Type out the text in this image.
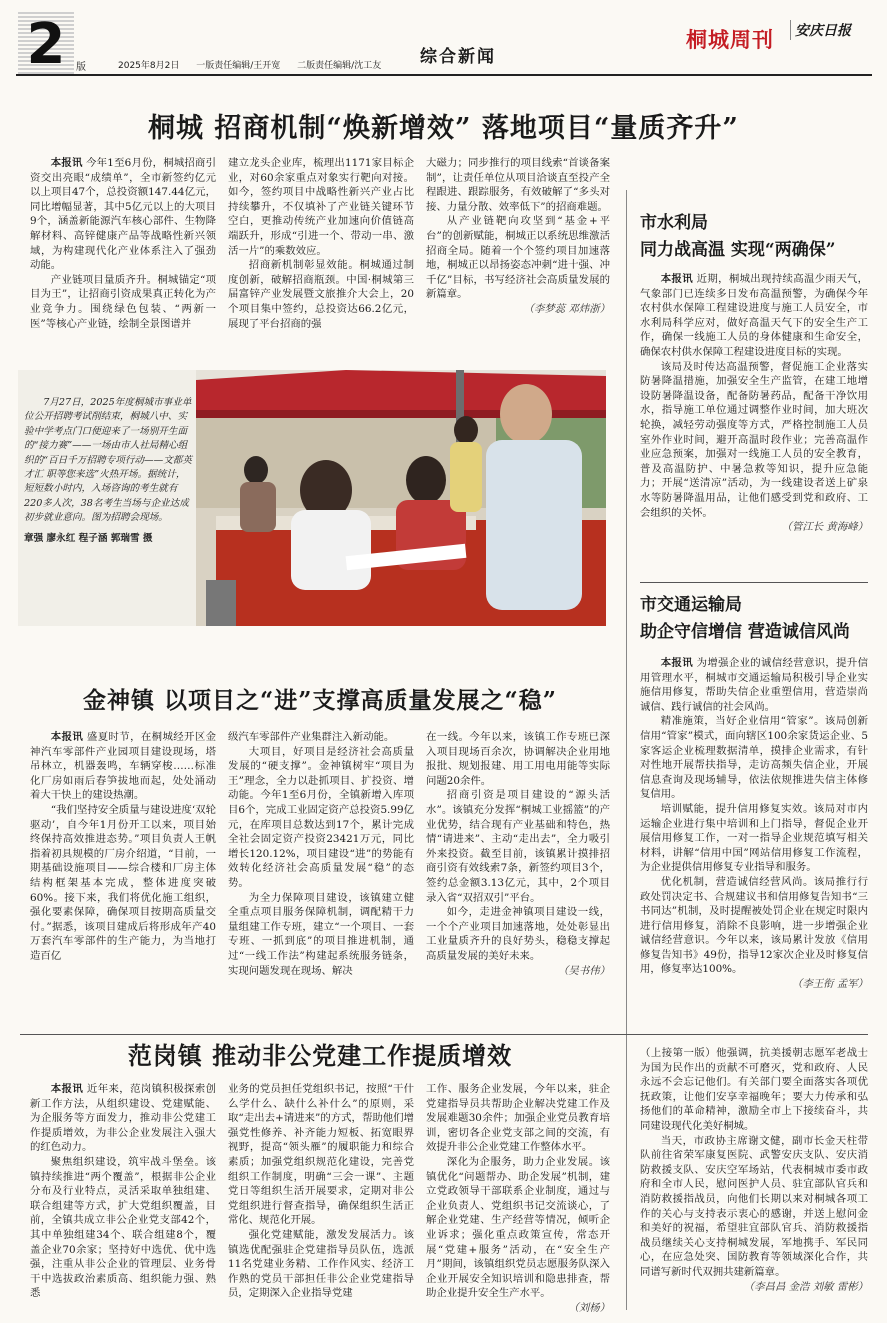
2	版	2025年8月2日 一版责任编辑/王开宽 二版责任编辑/沈工友	综合新闻
桐城周刊	安庆日报
桐城 招商机制“焕新增效” 落地项目“量质齐升”

本报讯 今年1至6月份，桐城招商引资交出亮眼“成绩单”，全市新签约亿元以上项目47个，总投资额147.44亿元，同比增幅显著，其中5亿元以上的大项目9个，涵盖新能源汽车核心部件、生物降解材料、高锌健康产品等战略性新兴领域，为构建现代化产业体系注入了强劲动能。

产业链项目量质齐升。桐城锚定“项目为王”，让招商引资成果真正转化为产业竞争力。围绕绿色包装、“两新一医”等核心产业链，绘制全景图谱并

建立龙头企业库，梳理出1171家目标企业，对60余家重点对象实行靶向对接。如今，签约项目中战略性新兴产业占比持续攀升，不仅填补了产业链关键环节空白，更推动传统产业加速向价值链高端跃升，形成“引进一个、带动一串、激活一片”的乘数效应。

招商新机制彰显效能。桐城通过制度创新，破解招商瓶颈。中国·桐城第三届富锌产业发展暨文旅推介大会上，20个项目集中签约，总投资达66.2亿元，展现了平台招商的强

大磁力；同步推行的项目线索“首谈备案制”，让责任单位从项目洽谈直至投产全程跟进、跟踪服务，有效破解了“多头对接、力量分散、效率低下”的招商难题。

从产业链靶向攻坚到“基金+平台”的创新赋能，桐城正以系统思维激活招商全局。随着一个个签约项目加速落地，桐城正以昂扬姿态冲刺“进十强、冲千亿”目标，书写经济社会高质量发展的新篇章。

（李梦蕊 邓炜浙）

7月27日，2025年度桐城市事业单位公开招聘考试削结束，桐城八中、实验中学考点门口便迎来了一场别开生面的“接力赛”——一场由市人社局精心组织的“百日千万招聘专项行动——文都英才汇 职等您来选”火热开场。据统计，短短数小时内，入场咨询的考生就有220多人次，38名考生当场与企业达成初步就业意向。图为招聘会现场。

章强 廖永红 程子涵 郭瑞雪 摄

市水利局
同力战高温 实现“两确保”

本报讯 近期，桐城出现持续高温少雨天气，气象部门已连续多日发布高温预警，为确保今年农村供水保障工程建设进度与施工人员安全，市水利局科学应对，做好高温天气下的安全生产工作，确保一线施工人员的身体健康和生命安全，确保农村供水保障工程建设进度目标的实现。

该局及时传达高温预警，督促施工企业落实防暑降温措施，加强安全生产监管，在建工地增设防暑降温设备，配备防暑药品，配备干净饮用水，指导施工单位通过调整作业时间，加大班次轮换，减轻劳动强度等方式，严格控制施工人员室外作业时间，避开高温时段作业；完善高温作业应急预案，加强对一线施工人员的安全教育，普及高温防护、中暑急救等知识，提升应急能力；开展“送清凉”活动，为一线建设者送上矿泉水等防暑降温用品，让他们感受到党和政府、工会组织的关怀。

（管江长 黄海峰）

市交通运输局
助企守信增信 营造诚信风尚

本报讯 为增强企业的诚信经营意识，提升信用管理水平，桐城市交通运输局积极引导企业实施信用修复，帮助失信企业重塑信用，营造崇尚诚信、践行诚信的社会风尚。

精准施策，当好企业信用“管家”。该局创新信用“管家”模式，面向辖区100余家货运企业、5家客运企业梳理数据清单，摸排企业需求，有针对性地开展帮扶指导，走访高频失信企业，开展信息查询及现场辅导，依法依规推进失信主体修复信用。

培训赋能，提升信用修复实效。该局对市内运输企业进行集中培训和上门指导，督促企业开展信用修复工作，一对一指导企业规范填写相关材料，讲解“信用中国”网站信用修复工作流程，为企业提供信用修复专业指导和服务。

优化机制，营造诚信经营风尚。该局推行行政处罚决定书、合规建议书和信用修复告知书“三书同达”机制，及时提醒被处罚企业在规定时限内进行信用修复，消除不良影响，进一步增强企业诚信经营意识。今年以来，该局累计发放《信用修复告知书》49份，指导12家次企业及时修复信用，修复率达100%。

（李王衔 孟军）

金神镇 以项目之“进”支撑高质量发展之“稳”

本报讯 盛夏时节，在桐城经开区金神汽车零部件产业园项目建设现场，塔吊林立，机器轰鸣，车辆穿梭……标准化厂房如雨后春笋拔地而起，处处涌动着大干快上的建设热潮。

“我们坚持安全质量与建设进度‘双轮驱动’，自今年1月份开工以来，项目始终保持高效推进态势。”项目负责人王帆指着初具规模的厂房介绍道，“目前，一期基础设施项目——综合楼和厂房主体结构框架基本完成，整体进度突破60%。接下来，我们将优化施工组织，强化要素保障，确保项目按期高质量交付。”据悉，该项目建成后将形成年产40万套汽车零部件的生产能力，为当地打造百亿

级汽车零部件产业集群注入新动能。

大项目，好项目是经济社会高质量发展的“硬支撑”。金神镇树牢“项目为王”理念，全力以赴抓项目、扩投资、增动能。今年1至6月份，全镇新增入库项目6个，完成工业固定资产总投资5.99亿元，在库项目总数达到17个，累计完成全社会固定资产投资23421万元，同比增长120.12%，项目建设“进”的势能有效转化经济社会高质量发展“稳”的态势。

为全力保障项目建设，该镇建立健全重点项目服务保障机制，调配精干力量组建工作专班，建立“一个项目、一套专班、一抓到底”的项目推进机制，通过“一线工作法”构建起系统服务链条，实现问题发现在现场、解决

在一线。今年以来，该镇工作专班已深入项目现场百余次，协调解决企业用地报批、规划报建、用工用电用能等实际问题20余件。

招商引资是项目建设的“源头活水”。该镇充分发挥“桐城工业摇篮”的产业优势，结合现有产业基础和特色，热情“请进来”、主动“走出去”，全力吸引外来投资。截至目前，该镇累计摸排招商引资有效线索7条，新签约项目3个，签约总金额3.13亿元，其中，2个项目录入省“双招双引”平台。

如今，走进金神镇项目建设一线，一个个产业项目加速落地，处处彰显出工业量质齐升的良好势头，稳稳支撑起高质量发展的美好未来。

（吴书伟）

范岗镇 推动非公党建工作提质增效

本报讯 近年来，范岗镇积极探索创新工作方法，从组织建设、党建赋能、为企服务等方面发力，推动非公党建工作提质增效，为非公企业发展注入强大的红色动力。

聚焦组织建设，筑牢战斗堡垒。该镇持续推进“两个覆盖”，根据非公企业分布及行业特点，灵活采取单独组建、联合组建等方式，扩大党组织覆盖，目前，全镇共成立非公企业党支部42个，其中单独组建34个、联合组建8个，覆盖企业70余家；坚持好中选优、优中选强，注重从非公企业的管理层、业务骨干中选拔政治素质高、组织能力强、熟悉

业务的党员担任党组织书记，按照“干什么学什么、缺什么补什么”的原则，采取“走出去+请进来”的方式，帮助他们增强党性修养、补齐能力短板、拓宽眼界视野，提高“领头雁”的履职能力和综合素质；加强党组织规范化建设，完善党组织工作制度，明确“三会一课”、主题党日等组织生活开展要求，定期对非公党组织进行督查指导，确保组织生活正常化、规范化开展。

强化党建赋能，激发发展活力。该镇选优配强驻企党建指导员队伍，选派11名党建业务精、工作作风实、经济工作熟的党员干部担任非公企业党建指导员，定期深入企业指导党建

工作、服务企业发展，今年以来，驻企党建指导员共帮助企业解决党建工作及发展难题30余件；加强企业党员教育培训，密切各企业党支部之间的交流，有效提升非公企业党建工作整体水平。

深化为企服务，助力企业发展。该镇优化“问题帮办、助企发展”机制，建立党政领导干部联系企业制度，通过与企业负责人、党组织书记交流谈心，了解企业党建、生产经营等情况，倾听企业诉求；强化重点政策宣传，常态开展“党建+服务”活动，在“安全生产月”期间，该镇组织党员志愿服务队深入企业开展安全知识培训和隐患排查，帮助企业提升安全生产水平。

（刘杨）

（上接第一版）他强调，抗美援朝志愿军老战士为国为民作出的贡献不可磨灭，党和政府、人民永远不会忘记他们。有关部门要全面落实各项优抚政策，让他们安享幸福晚年；要大力传承和弘扬他们的革命精神，激励全市上下接续奋斗，共同建设现代化美好桐城。

当天，市政协主席谢文健，副市长金天柱带队前往省荣军康复医院、武警安庆支队、安庆消防救援支队、安庆空军场站，代表桐城市委市政府和全市人民，慰问医护人员、驻宜部队官兵和消防救援指战员，向他们长期以来对桐城各项工作的关心与支持表示衷心的感谢，并送上慰问金和美好的祝福，希望驻宜部队官兵、消防救援指战员继续关心支持桐城发展，军地携手、军民同心，在应急处突、国防教育等领域深化合作，共同谱写新时代双拥共建新篇章。

（李昌昌 金浩 刘敏 雷彬）
